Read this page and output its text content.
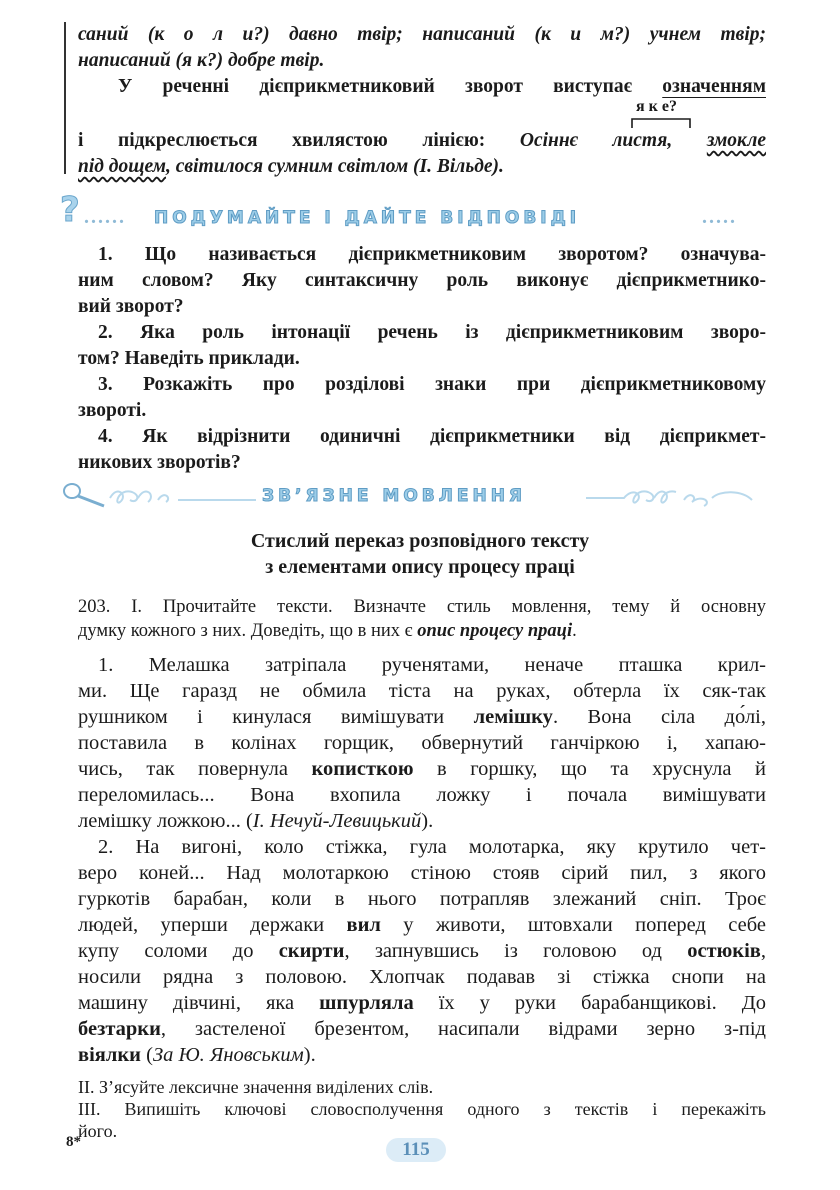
саний (к о л и?) давно твір; написаний (к и м?) учнем твір;
написаний (я к?) добре твір.
У реченні дієприкметниковий зворот виступає означенням
я к е?
і підкреслюється хвилястою лінією: Осіннє листя, змокле
під дощем, світилося сумним світлом (І. Вільде).
? ...... ПОДУМАЙТЕ І ДАЙТЕ ВІДПОВІДІ	.....
1. Що називається дієприкметниковим зворотом? означува-
ним словом? Яку синтаксичну роль виконує дієприкметнико-
вий зворот?
2. Яка роль інтонації речень із дієприкметниковим зворо-
том? Наведіть приклади.
3. Розкажіть про розділові знаки при дієприкметниковому
звороті.
4. Як відрізнити одиничні дієприкметники від дієприкмет-
никових зворотів?
ЗВ’ЯЗНЕ МОВЛЕННЯ
Стислий переказ розповідного тексту
з елементами опису процесу праці
203. І. Прочитайте тексти. Визначте стиль мовлення, тему й основну
думку кожного з них. Доведіть, що в них є опис процесу праці.
1. Мелашка затріпала рученятами, неначе пташка крил-
ми. Ще гаразд не обмила тіста на руках, обтерла їх сяк-так
рушником і кинулася вимішувати лемішку. Вона сіла до́лі,
поставила в колінах горщик, обвернутий ганчіркою і, хапаю-
чись, так повернула кописткою в горшку, що та хруснула й
переломилась... Вона вхопила ложку і почала вимішувати
лемішку ложкою... (І. Нечуй-Левицький).
2. На вигоні, коло стіжка, гула молотарка, яку крутило чет-
веро коней... Над молотаркою стіною стояв сірий пил, з якого
гуркотів барабан, коли в нього потрапляв злежаний сніп. Троє
людей, уперши держаки вил у животи, штовхали поперед себе
купу соломи до скирти, запнувшись із головою од остюків,
носили рядна з половою. Хлопчак подавав зі стіжка снопи на
машину дівчині, яка шпурляла їх у руки барабанщикові. До
безтарки, застеленої брезентом, насипали відрами зерно з-під
віялки (За Ю. Яновським).
II. З’ясуйте лексичне значення виділених слів.
III. Випишіть ключові словосполучення одного з текстів і перекажіть
його.
8*	115
